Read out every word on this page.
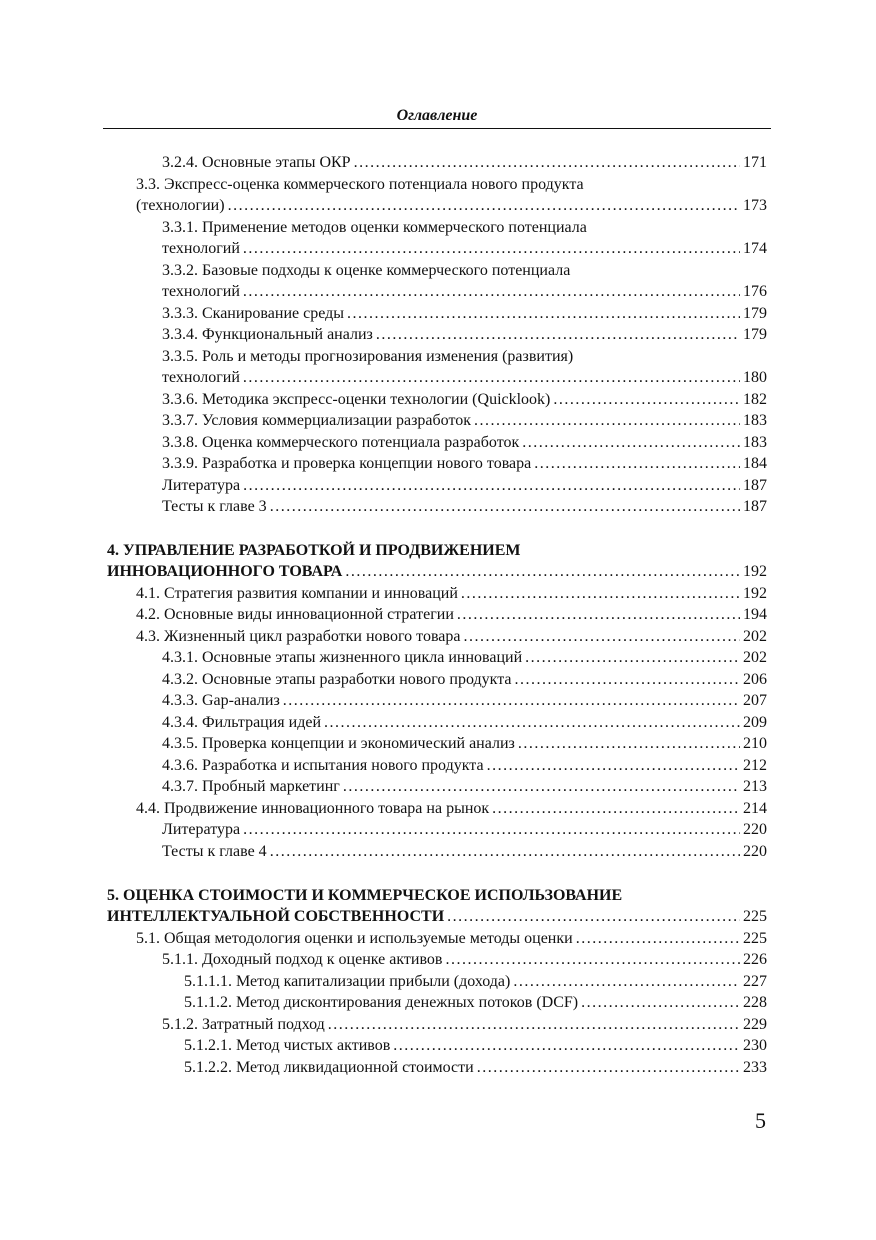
Оглавление
3.2.4. Основные этапы ОКР .....	171
3.3. Экспресс-оценка коммерческого потенциала нового продукта
(технологии) .....	173
3.3.1. Применение методов оценки коммерческого потенциала
технологий .....	174
3.3.2. Базовые подходы к оценке коммерческого потенциала
технологий .....	176
3.3.3. Сканирование среды .....	179
3.3.4. Функциональный анализ .....	179
3.3.5. Роль и методы прогнозирования изменения (развития)
технологий .....	180
3.3.6. Методика экспресс-оценки технологии (Quicklook) .....	182
3.3.7. Условия коммерциализации разработок .....	183
3.3.8. Оценка коммерческого потенциала разработок .....	183
3.3.9. Разработка и проверка концепции нового товара .....	184
Литература .....	187
Тесты к главе 3 .....	187
4. УПРАВЛЕНИЕ РАЗРАБОТКОЙ И ПРОДВИЖЕНИЕМ
ИННОВАЦИОННОГО ТОВАРА .....	192
4.1. Стратегия развития компании и инноваций .....	192
4.2. Основные виды инновационной стратегии .....	194
4.3. Жизненный цикл разработки нового товара .....	202
4.3.1. Основные этапы жизненного цикла инноваций .....	202
4.3.2. Основные этапы разработки нового продукта .....	206
4.3.3. Gap-анализ .....	207
4.3.4. Фильтрация идей .....	209
4.3.5. Проверка концепции и экономический анализ .....	210
4.3.6. Разработка и испытания нового продукта .....	212
4.3.7. Пробный маркетинг .....	213
4.4. Продвижение инновационного товара на рынок .....	214
Литература .....	220
Тесты к главе 4 .....	220
5. ОЦЕНКА СТОИМОСТИ И КОММЕРЧЕСКОЕ ИСПОЛЬЗОВАНИЕ
ИНТЕЛЛЕКТУАЛЬНОЙ СОБСТВЕННОСТИ .....	225
5.1. Общая методология оценки и используемые методы оценки .....	225
5.1.1. Доходный подход к оценке активов .....	226
5.1.1.1. Метод капитализации прибыли (дохода) .....	227
5.1.1.2. Метод дисконтирования денежных потоков (DCF) .....	228
5.1.2. Затратный подход .....	229
5.1.2.1. Метод чистых активов .....	230
5.1.2.2. Метод ликвидационной стоимости .....	233
5
